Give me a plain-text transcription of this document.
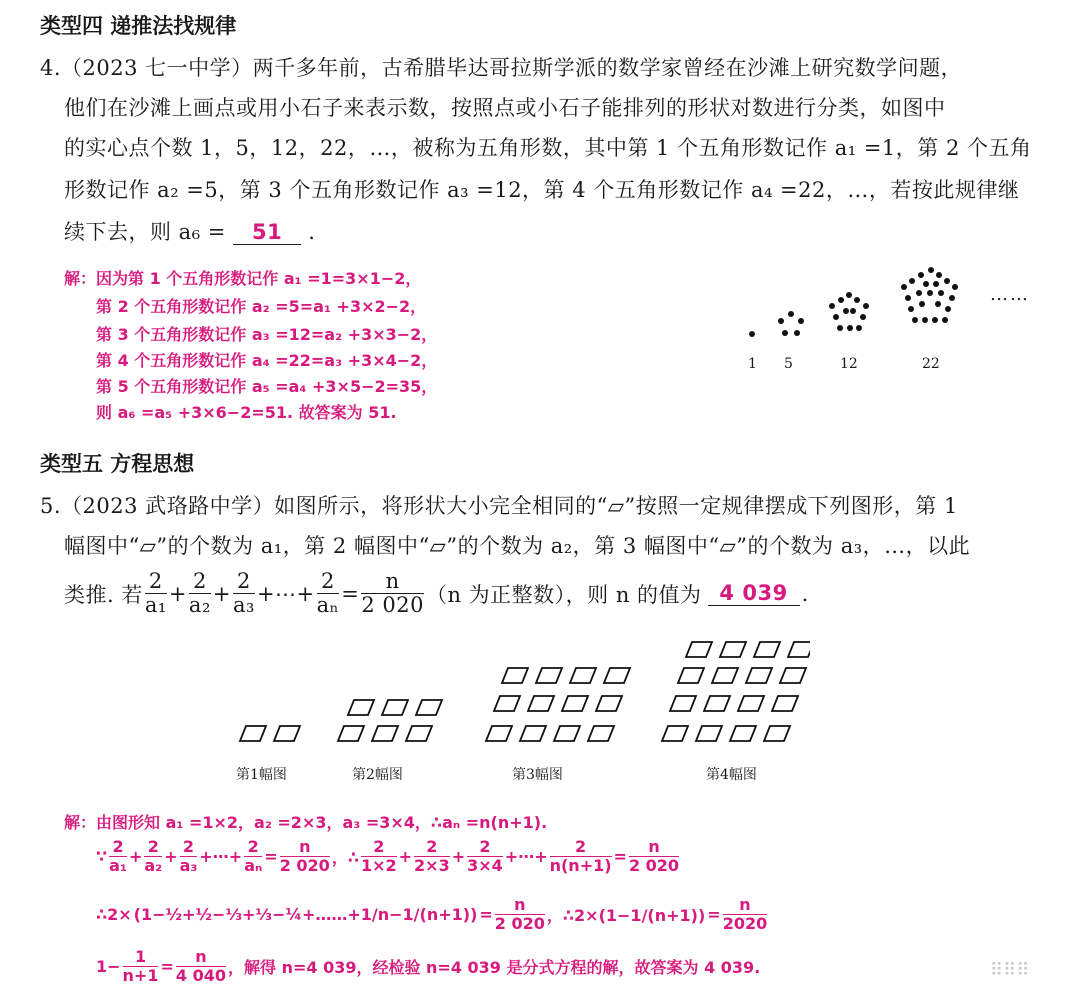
类型四 递推法找规律
4.（2023 七一中学）两千多年前，古希腊毕达哥拉斯学派的数学家曾经在沙滩上研究数学问题，
他们在沙滩上画点或用小石子来表示数，按照点或小石子能排列的形状对数进行分类，如图中
的实心点个数 1，5，12，22，…，被称为五角形数，其中第 1 个五角形数记作 a₁ =1，第 2 个五角
形数记作 a₂ =5，第 3 个五角形数记作 a₃ =12，第 4 个五角形数记作 a₄ =22，…，若按此规律继
续下去，则 a₆ = 51 .
解：因为第 1 个五角形数记作 a₁ =1=3×1−2，
第 2 个五角形数记作 a₂ =5=a₁ +3×2−2，
第 3 个五角形数记作 a₃ =12=a₂ +3×3−2，
第 4 个五角形数记作 a₄ =22=a₃ +3×4−2，
第 5 个五角形数记作 a₅ =a₄ +3×5−2=35，
则 a₆ =a₅ +3×6−2=51. 故答案为 51.
……
1 5	12	22
类型五 方程思想
5.（2023 武珞路中学）如图所示，将形状大小完全相同的“▱”按照一定规律摆成下列图形，第 1
幅图中“▱”的个数为 a₁，第 2 幅图中“▱”的个数为 a₂，第 3 幅图中“▱”的个数为 a₃，…，以此
类推. 若 $\frac{2}{\text{a₁}} + \frac{2}{\text{a₂}} + \frac{2}{\text{a₃}}$ +⋯+ $\frac{2}{\text{aₙ}} = \frac{n}{2 020} (n$ 为正整数），则 n 的值为 4 039 .
第1幅图	第2幅图	第3幅图	第4幅图
解：由图形知 a₁ =1×2，a₂ =2×3，a₃ =3×4，∴aₙ =n(n+1).
∵ $\frac{2}{\text{a₁}} + \frac{2}{\text{a₂}} + \frac{2}{\text{a₃}}$ +⋯+ $\frac{2}{\text{aₙ}} = \frac{n}{2 020}$ ，∴ $\frac{2}{1\times 2} + \frac{2}{2\times 3} + \frac{2}{3\times 4}$ +⋯+ $\frac{2}{n(n+1)} = \frac{n}{2 020}$
∴2× (1−½+½−⅓+⅓−¼+……+1/n−1/(n+1)) = $\frac{n}{2 020}$ ，∴2×(1−1/(n+1)) = $\frac{n}{2020}$
$1- \frac{1}{n+1} = \frac{n}{4 040}$ ，解得 n=4 039，经检验 n=4 039 是分式方程的解，故答案为 4 039.	⠿⠿⠿
